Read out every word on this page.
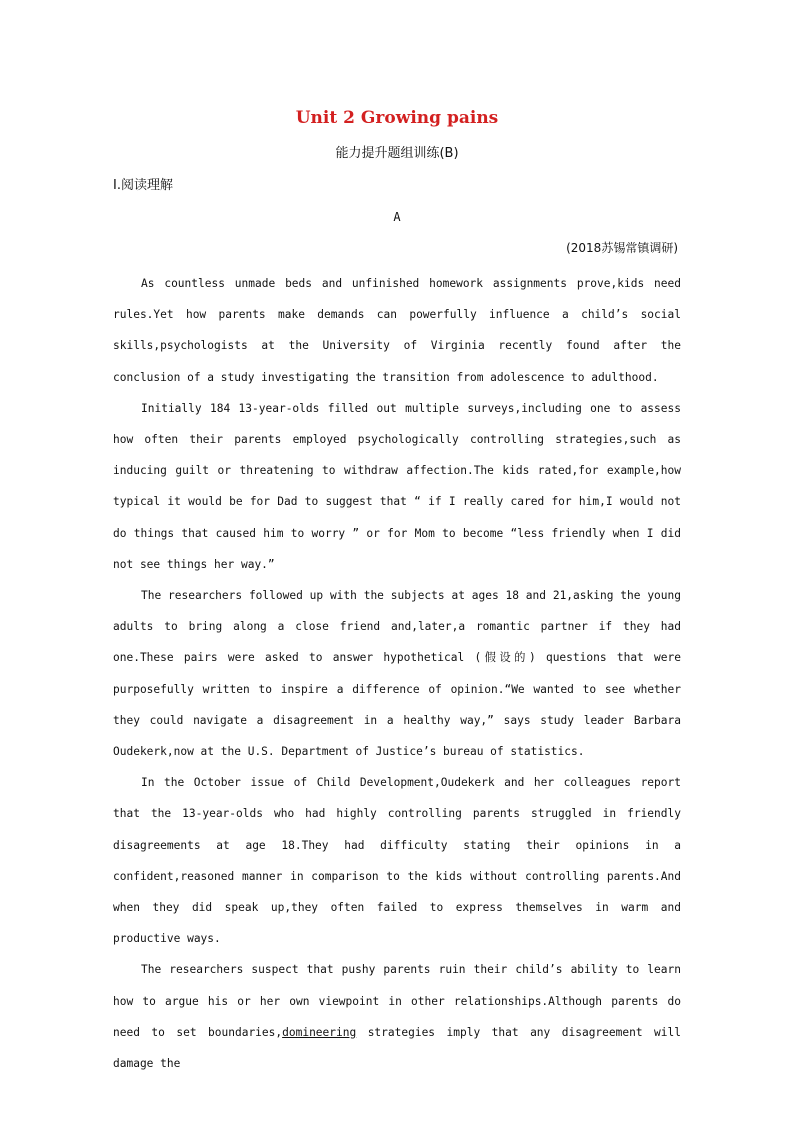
Unit 2 Growing pains
能力提升题组训练(B)
Ⅰ.阅读理解
A
(2018苏锡常镇调研)

As countless unmade beds and unfinished homework assignments prove,kids need rules.Yet how parents make demands can powerfully influence a child’s social skills,psychologists at the University of Virginia recently found after the conclusion of a study investigating the transition from adolescence to adulthood.

Initially 184 13-year-olds filled out multiple surveys,including one to assess how often their parents employed psychologically controlling strategies,such as inducing guilt or threatening to withdraw affection.The kids rated,for example,how typical it would be for Dad to suggest that “ if I really cared for him,I would not do things that caused him to worry ” or for Mom to become “less friendly when I did not see things her way.”

The researchers followed up with the subjects at ages 18 and 21,asking the young adults to bring along a close friend and,later,a romantic partner if they had one.These pairs were asked to answer hypothetical (假设的) questions that were purposefully written to inspire a difference of opinion.“We wanted to see whether they could navigate a disagreement in a healthy way,” says study leader Barbara Oudekerk,now at the U.S. Department of Justice’s bureau of statistics.

In the October issue of Child Development,Oudekerk and her colleagues report that the 13-year-olds who had highly controlling parents struggled in friendly disagreements at age 18.They had difficulty stating their opinions in a confident,reasoned manner in comparison to the kids without controlling parents.And when they did speak up,they often failed to express themselves in warm and productive ways.

The researchers suspect that pushy parents ruin their child’s ability to learn how to argue his or her own viewpoint in other relationships.Although parents do need to set boundaries,domineering strategies imply that any disagreement will damage the
